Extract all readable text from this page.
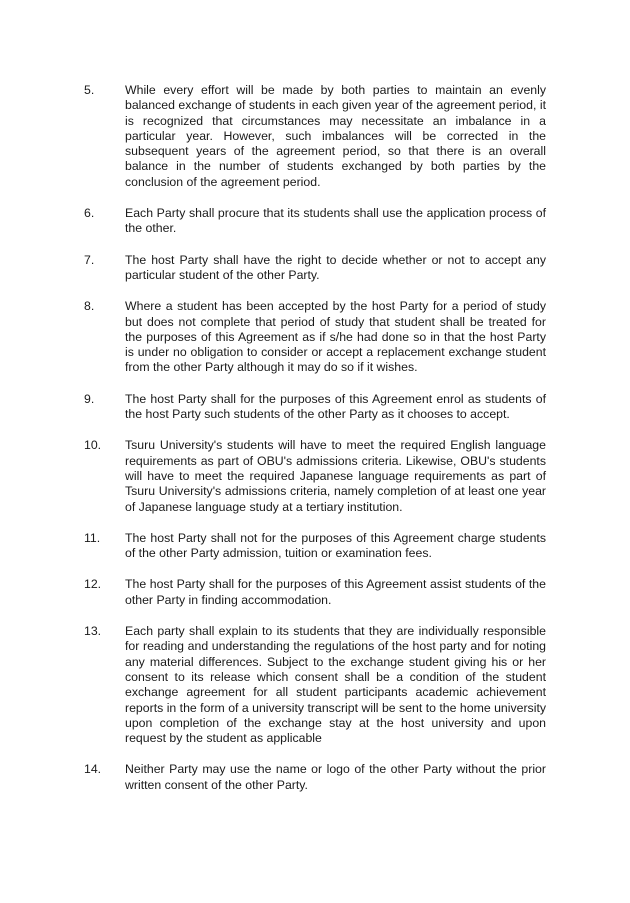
5.	While every effort will be made by both parties to maintain an evenly balanced exchange of students in each given year of the agreement period, it is recognized that circumstances may necessitate an imbalance in a particular year. However, such imbalances will be corrected in the subsequent years of the agreement period, so that there is an overall balance in the number of students exchanged by both parties by the conclusion of the agreement period.
6.	Each Party shall procure that its students shall use the application process of the other.
7.	The host Party shall have the right to decide whether or not to accept any particular student of the other Party.
8.	Where a student has been accepted by the host Party for a period of study but does not complete that period of study that student shall be treated for the purposes of this Agreement as if s/he had done so in that the host Party is under no obligation to consider or accept a replacement exchange student from the other Party although it may do so if it wishes.
9.	The host Party shall for the purposes of this Agreement enrol as students of the host Party such students of the other Party as it chooses to accept.
10.	Tsuru University's students will have to meet the required English language requirements as part of OBU's admissions criteria. Likewise, OBU's students will have to meet the required Japanese language requirements as part of Tsuru University's admissions criteria, namely completion of at least one year of Japanese language study at a tertiary institution.
11.	The host Party shall not for the purposes of this Agreement charge students of the other Party admission, tuition or examination fees.
12.	The host Party shall for the purposes of this Agreement assist students of the other Party in finding accommodation.
13.	Each party shall explain to its students that they are individually responsible for reading and understanding the regulations of the host party and for noting any material differences. Subject to the exchange student giving his or her consent to its release which consent shall be a condition of the student exchange agreement for all student participants academic achievement reports in the form of a university transcript will be sent to the home university upon completion of the exchange stay at the host university and upon request by the student as applicable
14.	Neither Party may use the name or logo of the other Party without the prior written consent of the other Party.
